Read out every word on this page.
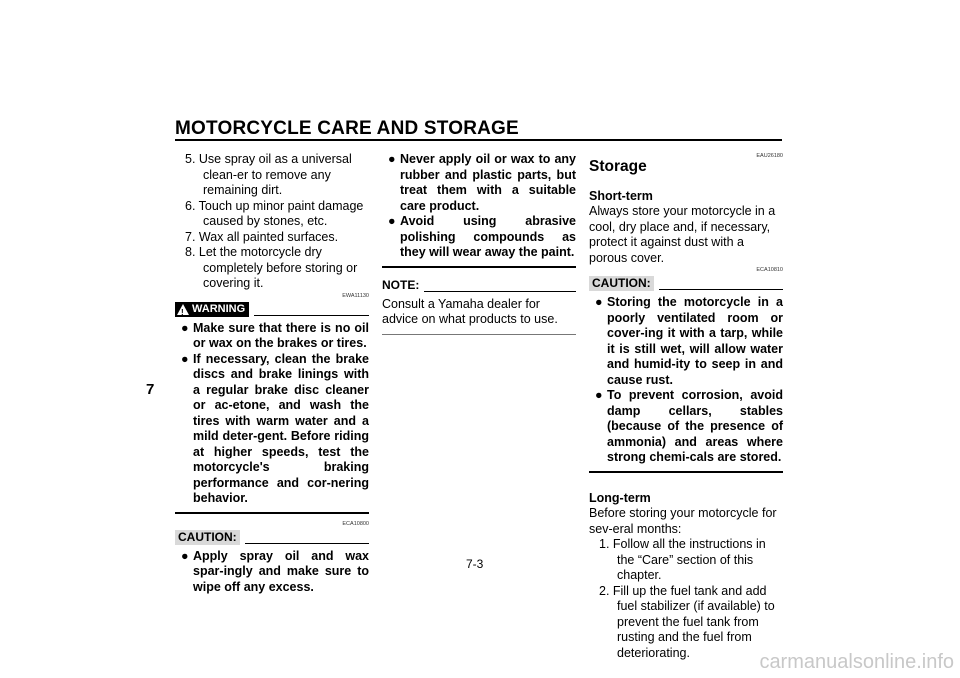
MOTORCYCLE CARE AND STORAGE
7
5. Use spray oil as a universal clean-er to remove any remaining dirt.
6. Touch up minor paint damage caused by stones, etc.
7. Wax all painted surfaces.
8. Let the motorcycle dry completely before storing or covering it.
EWA11130
! WARNING
● Make sure that there is no oil or wax on the brakes or tires.
● If necessary, clean the brake discs and brake linings with a regular brake disc cleaner or ac-etone, and wash the tires with warm water and a mild deter-gent. Before riding at higher speeds, test the motorcycle's braking performance and cor-nering behavior.
ECA10800
CAUTION:
● Apply spray oil and wax spar-ingly and make sure to wipe off any excess.
● Never apply oil or wax to any rubber and plastic parts, but treat them with a suitable care product.
● Avoid using abrasive polishing compounds as they will wear away the paint.
NOTE:
Consult a Yamaha dealer for advice on what products to use.
EAU26180
Storage
Short-term
Always store your motorcycle in a cool, dry place and, if necessary, protect it against dust with a porous cover.
ECA10810
CAUTION:
● Storing the motorcycle in a poorly ventilated room or cover-ing it with a tarp, while it is still wet, will allow water and humid-ity to seep in and cause rust.
● To prevent corrosion, avoid damp cellars, stables (because of the presence of ammonia) and areas where strong chemi-cals are stored.
Long-term
Before storing your motorcycle for sev-eral months:
1. Follow all the instructions in the “Care” section of this chapter.
2. Fill up the fuel tank and add fuel stabilizer (if available) to prevent the fuel tank from rusting and the fuel from deteriorating.
7-3
carmanualsonline.info
